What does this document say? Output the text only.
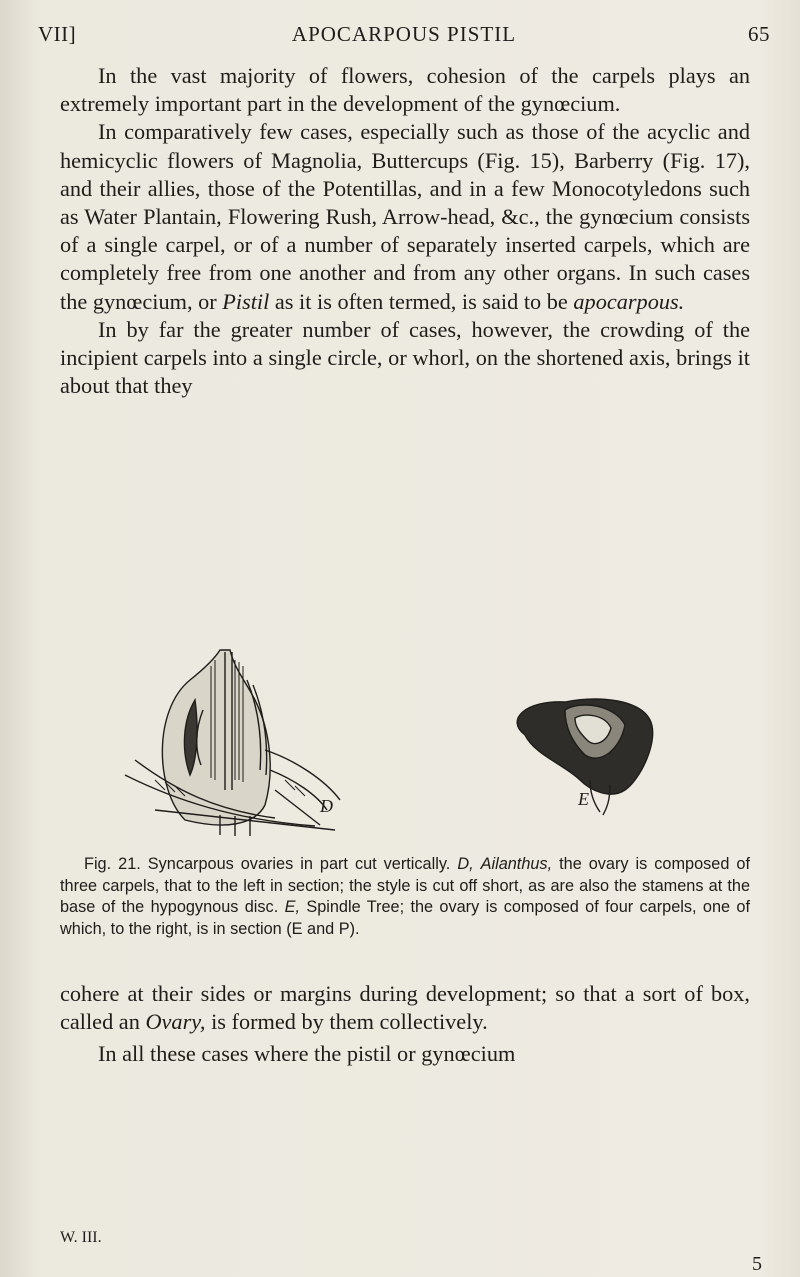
VII]	APOCARPOUS PISTIL	65

In the vast majority of flowers, cohesion of the carpels plays an extremely important part in the development of the gynœcium.

In comparatively few cases, especially such as those of the acyclic and hemicyclic flowers of Magnolia, Buttercups (Fig. 15), Barberry (Fig. 17), and their allies, those of the Potentillas, and in a few Monocotyledons such as Water Plantain, Flowering Rush, Arrow-head, &c., the gynœcium consists of a single carpel, or of a number of separately inserted carpels, which are completely free from one another and from any other organs. In such cases the gynœcium, or Pistil as it is often termed, is said to be apocarpous.

In by far the greater number of cases, however, the crowding of the incipient carpels into a single circle, or whorl, on the shortened axis, brings it about that they

D	E

Fig. 21. Syncarpous ovaries in part cut vertically. D, Ailanthus, the ovary is composed of three carpels, that to the left in section; the style is cut off short, as are also the stamens at the base of the hypogynous disc. E, Spindle Tree; the ovary is composed of four carpels, one of which, to the right, is in section (E and P).

cohere at their sides or margins during development; so that a sort of box, called an Ovary, is formed by them collectively.

In all these cases where the pistil or gynœcium

W. III.
5
